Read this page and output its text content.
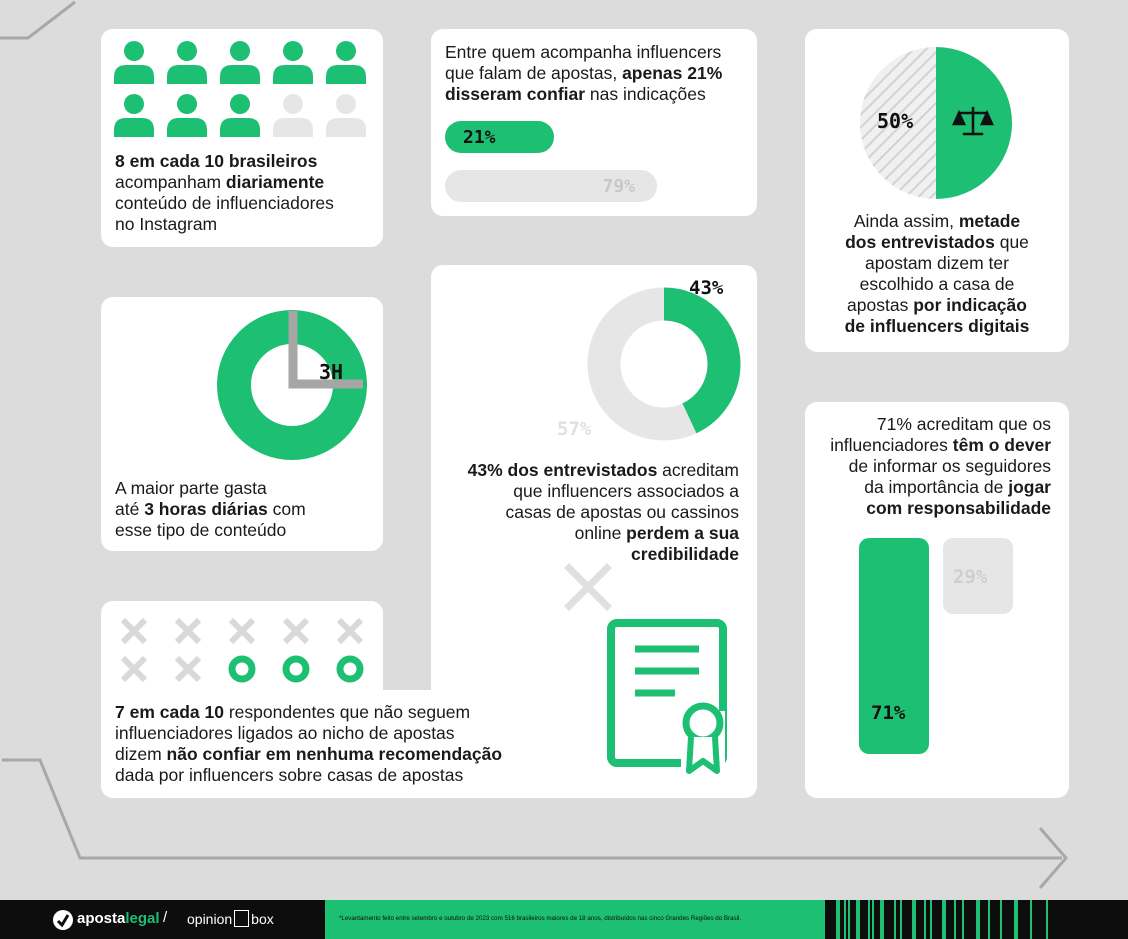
8 em cada 10 brasileiros
acompanham diariamente
conteúdo de influenciadores
no Instagram
Entre quem acompanha influencers
que falam de apostas, apenas 21%
disseram confiar nas indicações
21%
79%
50%
Ainda assim, metade
dos entrevistados que
apostam dizem ter
escolhido a casa de
apostas por indicação
de influencers digitais
3H
A maior parte gasta
até 3 horas diárias com
esse tipo de conteúdo
43%
57%
43% dos entrevistados acreditam
que influencers associados a
casas de apostas ou cassinos
online perdem a sua
credibilidade
71% acreditam que os
influenciadores têm o dever
de informar os seguidores
da importância de jogar
com responsabilidade
71%
29%
7 em cada 10 respondentes que não seguem
influenciadores ligados ao nicho de apostas
dizem não confiar em nenhuma recomendação
dada por influencers sobre casas de apostas
apostalegal / opinion box	*Levantamento feito entre setembro e outubro de 2023 com 516 brasileiros maiores de 18 anos, distribuídos nas cinco Grandes Regiões do Brasil.
